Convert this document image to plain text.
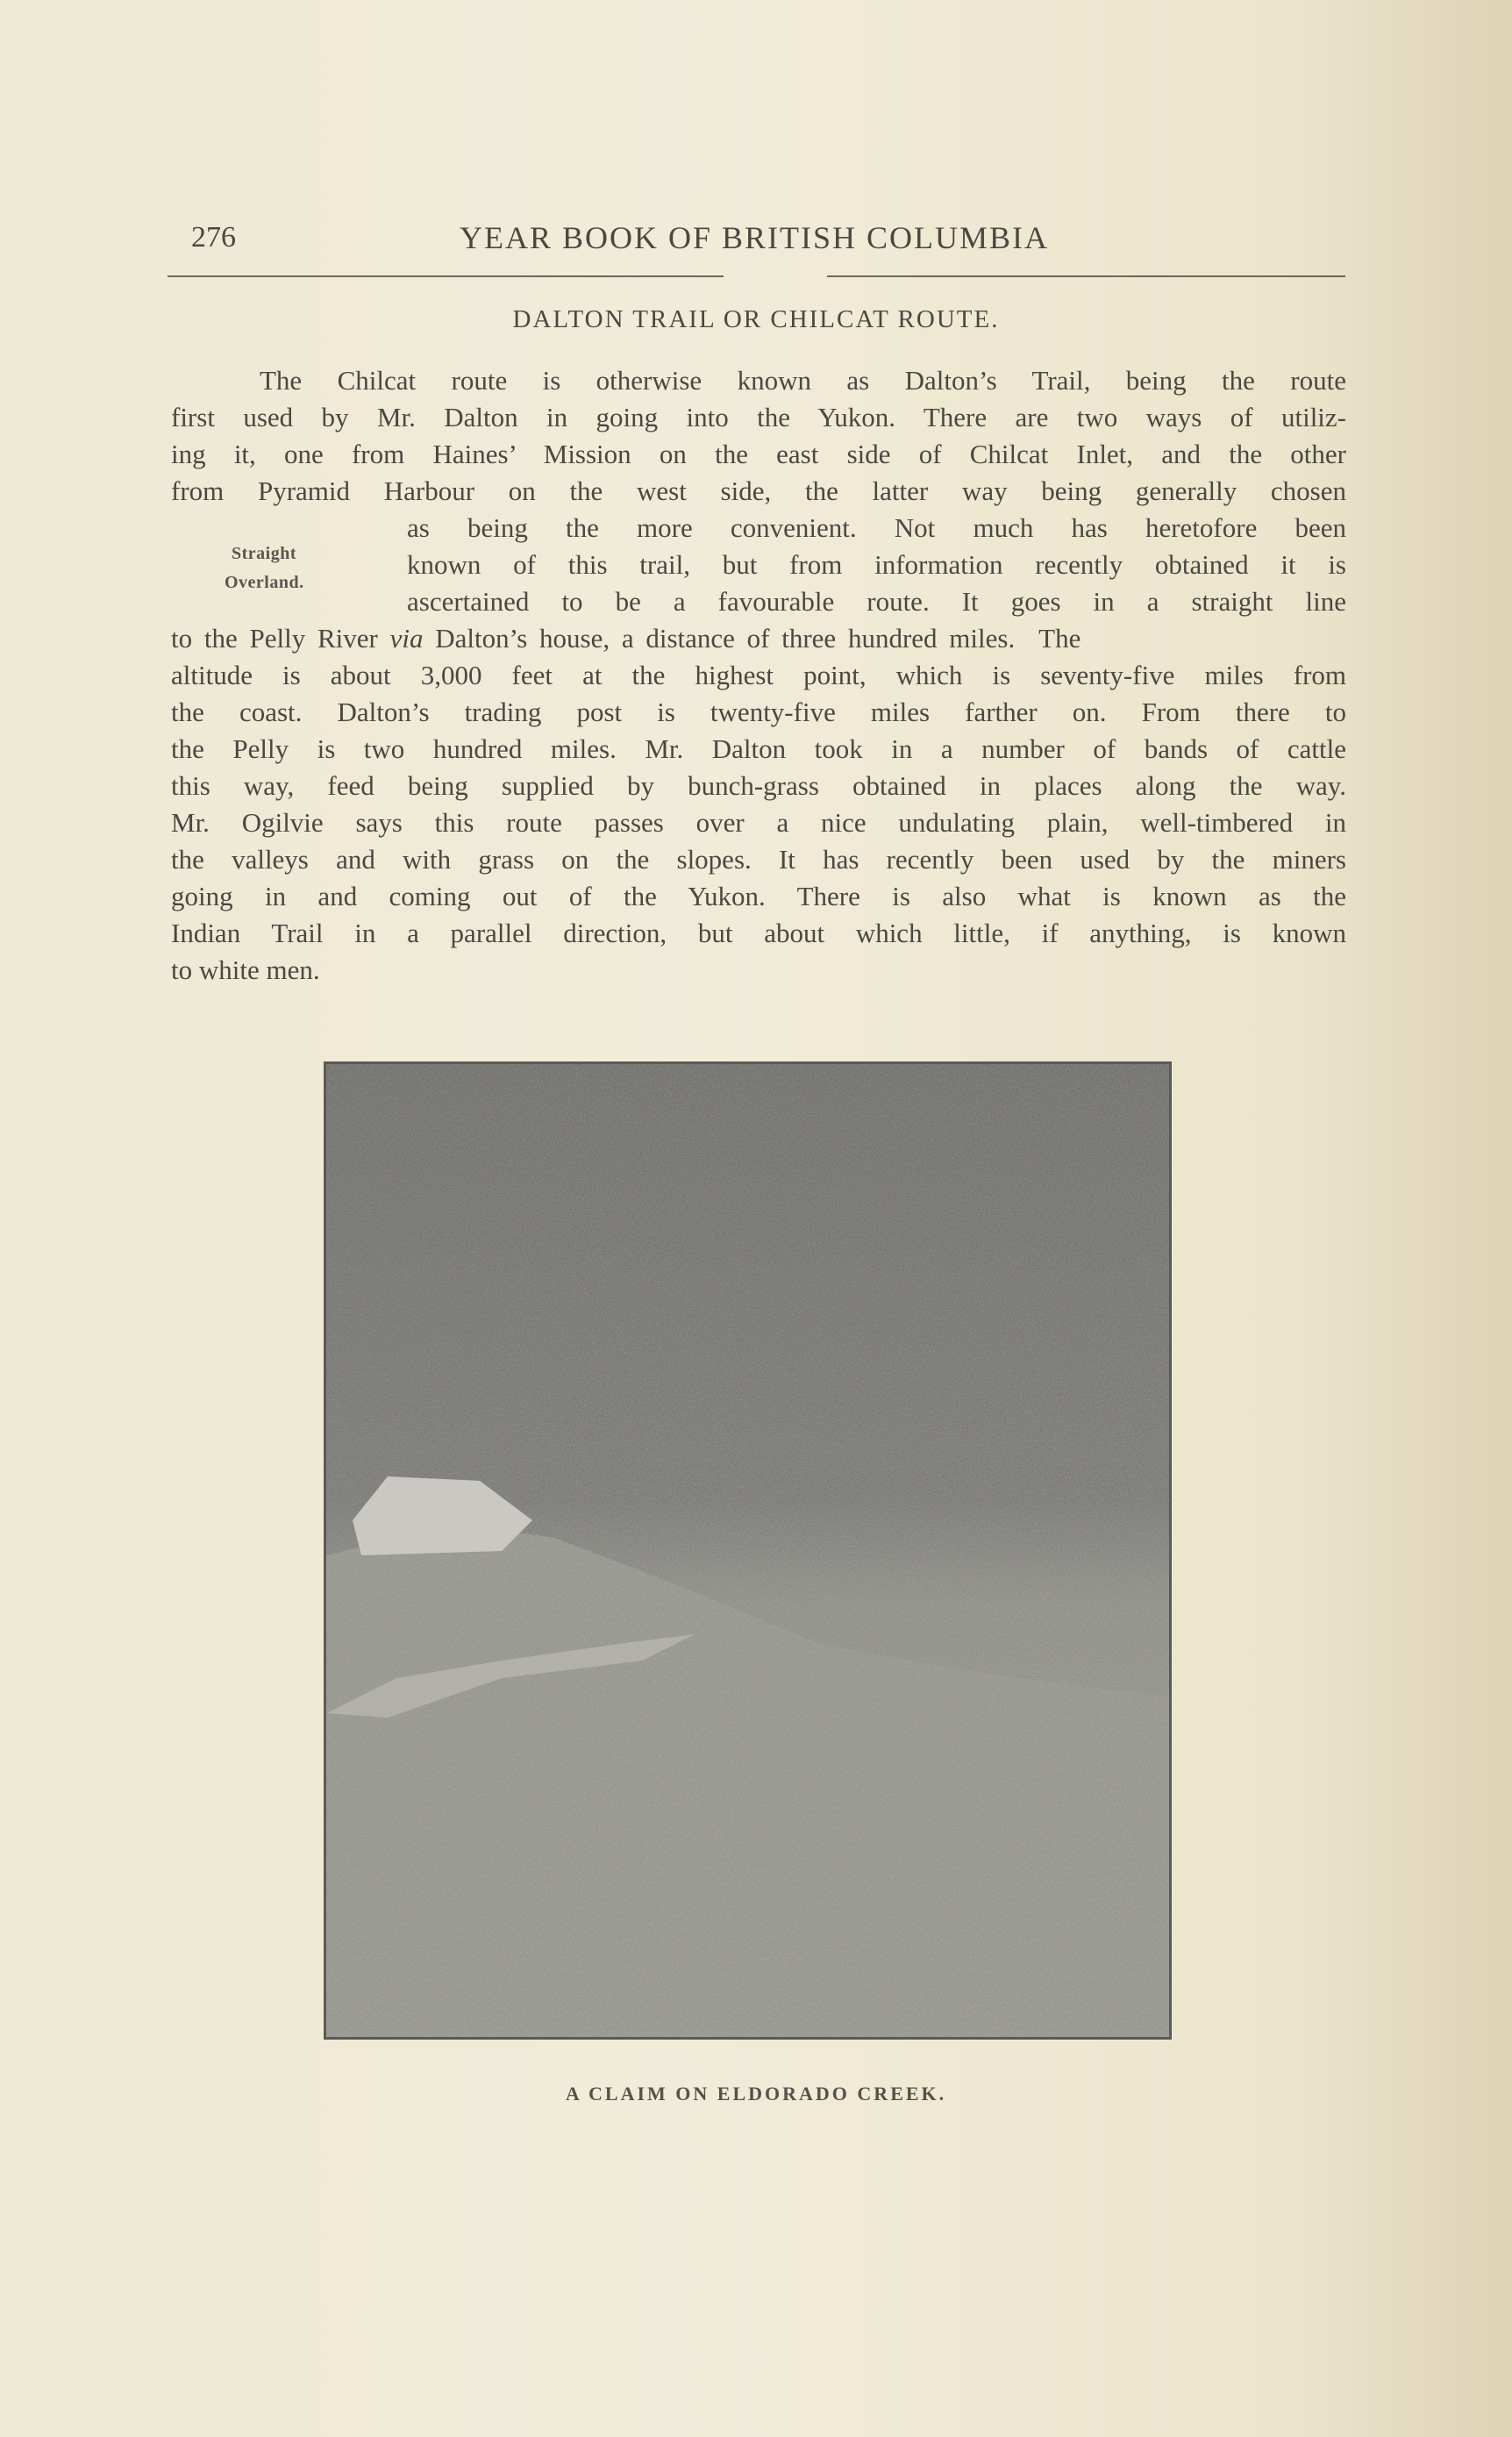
276	YEAR BOOK OF BRITISH COLUMBIA
DALTON TRAIL OR CHILCAT ROUTE.
The Chilcat route is otherwise known as Dalton’s Trail, being the route
first used by Mr. Dalton in going into the Yukon. There are two ways of utiliz-
ing it, one from Haines’ Mission on the east side of Chilcat Inlet, and the other
from Pyramid Harbour on the west side, the latter way being generally chosen
as being the more convenient. Not much has heretofore been
known of this trail, but from information recently obtained it is
ascertained to be a favourable route. It goes in a straight line
to the Pelly River via Dalton’s house, a distance of three hundred miles.  The
altitude is about 3,000 feet at the highest point, which is seventy-five miles from
the coast. Dalton’s trading post is twenty-five miles farther on. From there to
the Pelly is two hundred miles. Mr. Dalton took in a number of bands of cattle
this way, feed being supplied by bunch-grass obtained in places along the way.
Mr. Ogilvie says this route passes over a nice undulating plain, well-timbered in
the valleys and with grass on the slopes. It has recently been used by the miners
going in and coming out of the Yukon. There is also what is known as the
Indian Trail in a parallel direction, but about which little, if anything, is known
to white men.
Straight
Overland.
A CLAIM ON ELDORADO CREEK.
